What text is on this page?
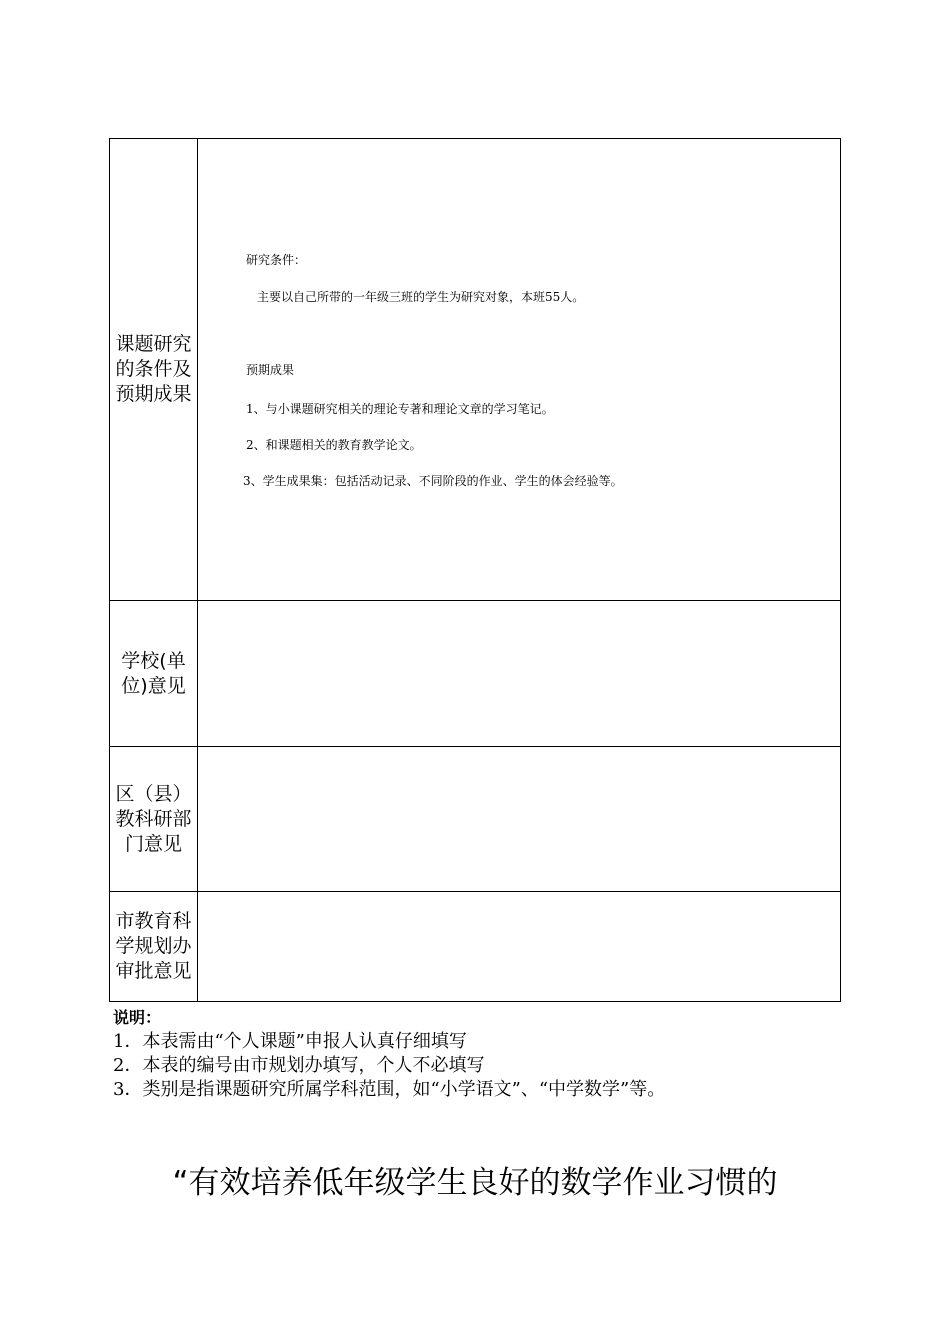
课题研究的条件及预期成果
研究条件：
主要以自己所带的一年级三班的学生为研究对象，本班55人。
预期成果
1、与小课题研究相关的理论专著和理论文章的学习笔记。
2、和课题相关的教育教学论文。
3、学生成果集：包括活动记录、不同阶段的作业、学生的体会经验等。
学校(单位)意见
区（县）教科研部门意见
市教育科学规划办审批意见
说明：
1．本表需由“个人课题”申报人认真仔细填写
2．本表的编号由市规划办填写，个人不必填写
3．类别是指课题研究所属学科范围，如“小学语文”、“中学数学”等。
“有效培养低年级学生良好的数学作业习惯的
